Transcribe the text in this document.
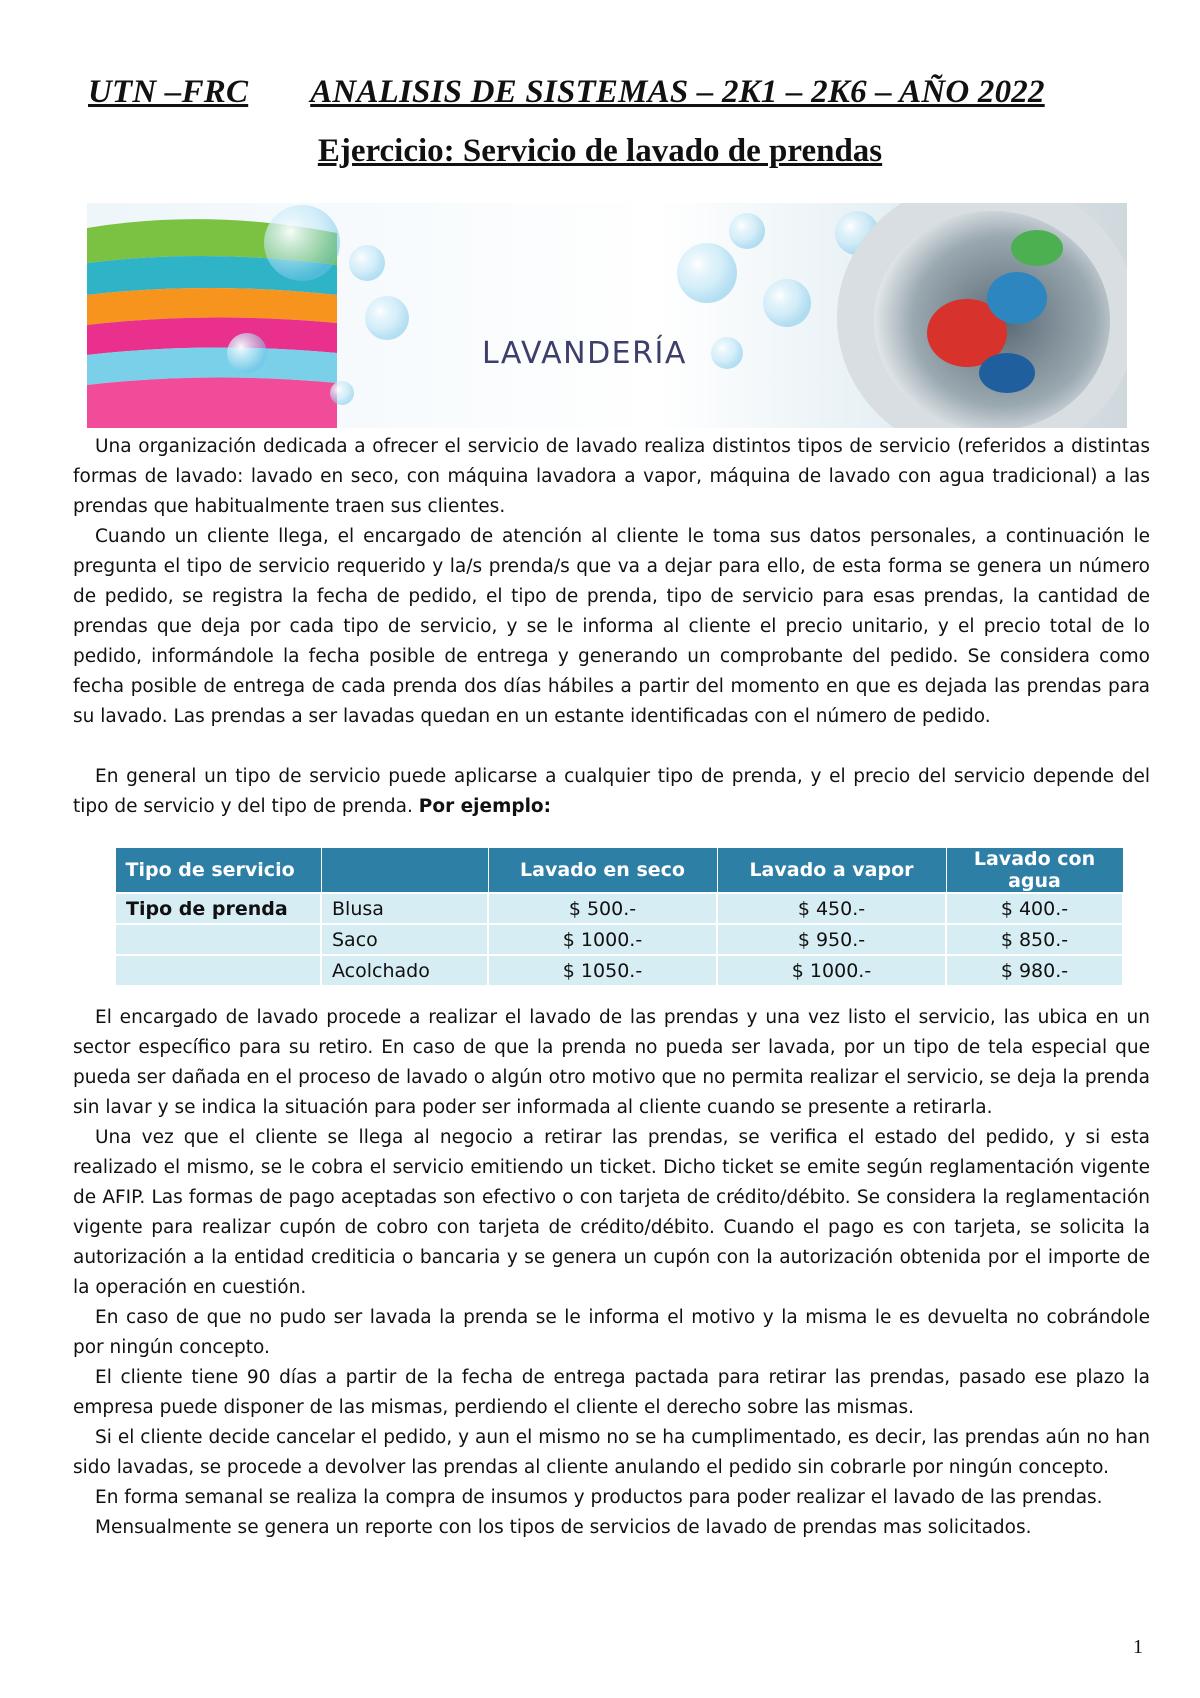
UTN –FRC ANALISIS DE SISTEMAS – 2K1 – 2K6 – AÑO 2022
Ejercicio: Servicio de lavado de prendas
LAVANDERÍA

Una organización dedicada a ofrecer el servicio de lavado realiza distintos tipos de servicio (referidos a distintas formas de lavado: lavado en seco, con máquina lavadora a vapor, máquina de lavado con agua tradicional) a las prendas que habitualmente traen sus clientes.

Cuando un cliente llega, el encargado de atención al cliente le toma sus datos personales, a continuación le pregunta el tipo de servicio requerido y la/s prenda/s que va a dejar para ello, de esta forma se genera un número de pedido, se registra la fecha de pedido, el tipo de prenda, tipo de servicio para esas prendas, la cantidad de prendas que deja por cada tipo de servicio, y se le informa al cliente el precio unitario, y el precio total de lo pedido, informándole la fecha posible de entrega y generando un comprobante del pedido. Se considera como fecha posible de entrega de cada prenda dos días hábiles a partir del momento en que es dejada las prendas para su lavado. Las prendas a ser lavadas quedan en un estante identificadas con el número de pedido.

En general un tipo de servicio puede aplicarse a cualquier tipo de prenda, y el precio del servicio depende del tipo de servicio y del tipo de prenda. Por ejemplo:

Tipo de servicio		Lavado en seco	Lavado a vapor	Lavado con agua
Tipo de prenda	Blusa	$ 500.-	$ 450.-	$ 400.-
	Saco	$ 1000.-	$ 950.-	$ 850.-
	Acolchado	$ 1050.-	$ 1000.-	$ 980.-

El encargado de lavado procede a realizar el lavado de las prendas y una vez listo el servicio, las ubica en un sector específico para su retiro. En caso de que la prenda no pueda ser lavada, por un tipo de tela especial que pueda ser dañada en el proceso de lavado o algún otro motivo que no permita realizar el servicio, se deja la prenda sin lavar y se indica la situación para poder ser informada al cliente cuando se presente a retirarla.

Una vez que el cliente se llega al negocio a retirar las prendas, se verifica el estado del pedido, y si esta realizado el mismo, se le cobra el servicio emitiendo un ticket. Dicho ticket se emite según reglamentación vigente de AFIP. Las formas de pago aceptadas son efectivo o con tarjeta de crédito/débito. Se considera la reglamentación vigente para realizar cupón de cobro con tarjeta de crédito/débito. Cuando el pago es con tarjeta, se solicita la autorización a la entidad crediticia o bancaria y se genera un cupón con la autorización obtenida por el importe de la operación en cuestión.

En caso de que no pudo ser lavada la prenda se le informa el motivo y la misma le es devuelta no cobrándole por ningún concepto.

El cliente tiene 90 días a partir de la fecha de entrega pactada para retirar las prendas, pasado ese plazo la empresa puede disponer de las mismas, perdiendo el cliente el derecho sobre las mismas.

Si el cliente decide cancelar el pedido, y aun el mismo no se ha cumplimentado, es decir, las prendas aún no han sido lavadas, se procede a devolver las prendas al cliente anulando el pedido sin cobrarle por ningún concepto.

En forma semanal se realiza la compra de insumos y productos para poder realizar el lavado de las prendas.

Mensualmente se genera un reporte con los tipos de servicios de lavado de prendas mas solicitados.

1
